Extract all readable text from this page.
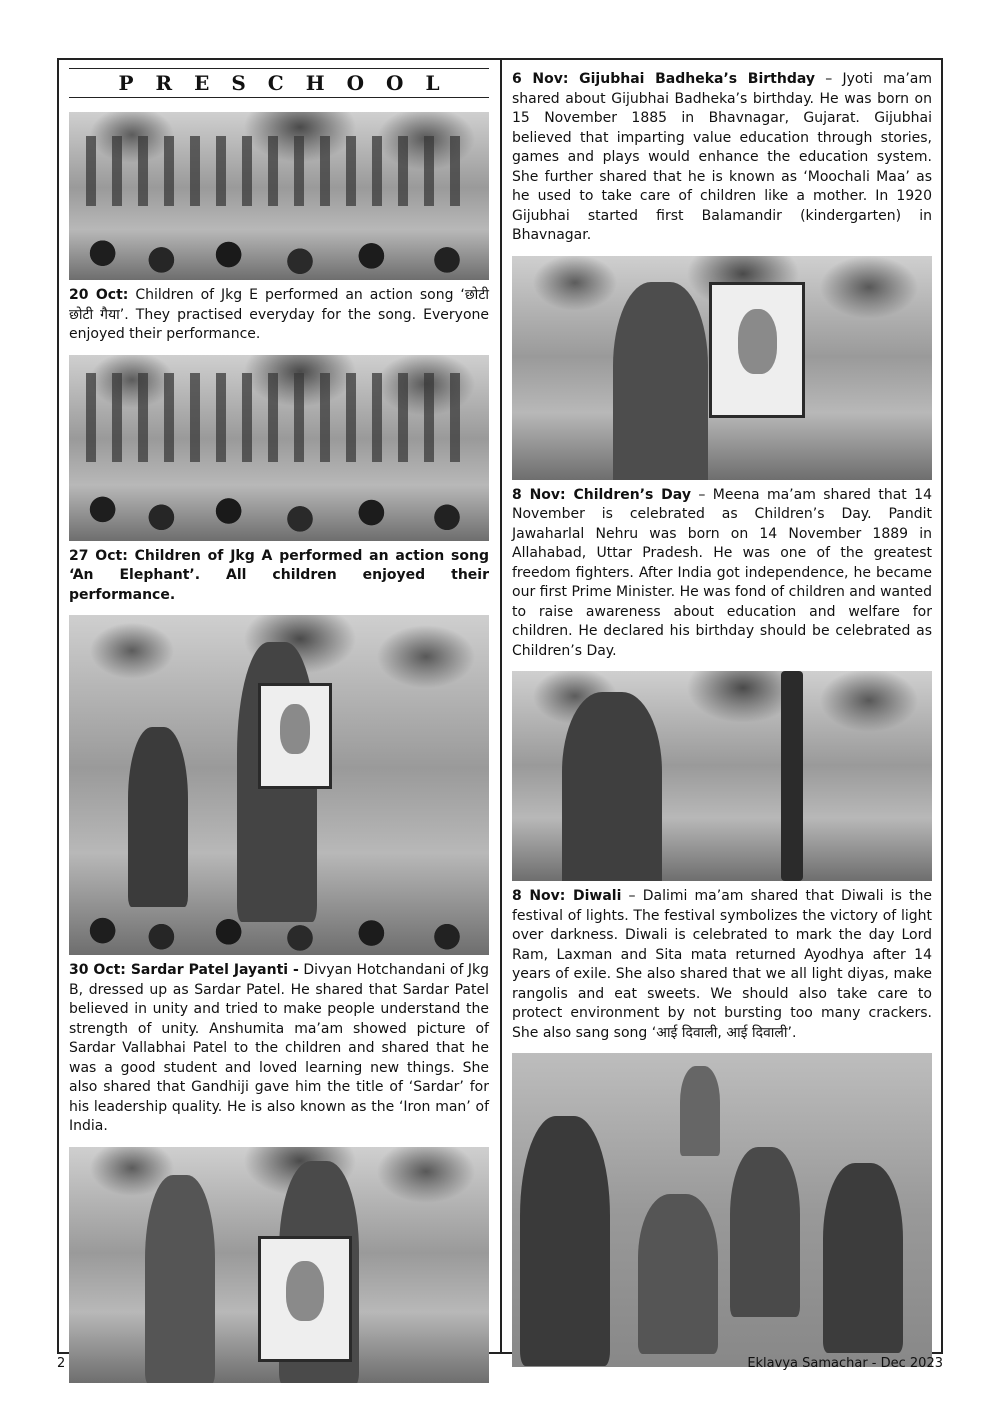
PRESCHOOL

20 Oct: Children of Jkg E performed an action song ‘छोटी छोटी गैया’. They practised everyday for the song. Everyone enjoyed their performance.

27 Oct: Children of Jkg A performed an action song ‘An Elephant’. All children enjoyed their performance.

30 Oct: Sardar Patel Jayanti - Divyan Hotchandani of Jkg B, dressed up as Sardar Patel. He shared that Sardar Patel believed in unity and tried to make people understand the strength of unity. Anshumita ma’am showed picture of Sardar Vallabhai Patel to the children and shared that he was a good student and loved learning new things. She also shared that Gandhiji gave him the title of ‘Sardar’ for his leadership quality. He is also known as the ‘Iron man’ of India.

6 Nov: Gijubhai Badheka’s Birthday – Jyoti ma’am shared about Gijubhai Badheka’s birthday. He was born on 15 November 1885 in Bhavnagar, Gujarat. Gijubhai believed that imparting value education through stories, games and plays would enhance the education system. She further shared that he is known as ‘Moochali Maa’ as he used to take care of children like a mother. In 1920 Gijubhai started first Balamandir (kindergarten) in Bhavnagar.

8 Nov: Children’s Day – Meena ma’am shared that 14 November is celebrated as Children’s Day. Pandit Jawaharlal Nehru was born on 14 November 1889 in Allahabad, Uttar Pradesh. He was one of the greatest freedom fighters. After India got independence, he became our first Prime Minister. He was fond of children and wanted to raise awareness about education and welfare for children. He declared his birthday should be celebrated as Children’s Day.

8 Nov: Diwali – Dalimi ma’am shared that Diwali is the festival of lights. The festival symbolizes the victory of light over darkness. Diwali is celebrated to mark the day Lord Ram, Laxman and Sita mata returned Ayodhya after 14 years of exile. She also shared that we all light diyas, make rangolis and eat sweets. We should also take care to protect environment by not bursting too many crackers. She also sang song ‘आई दिवाली, आई दिवाली’.

2	Eklavya Samachar - Dec 2023
